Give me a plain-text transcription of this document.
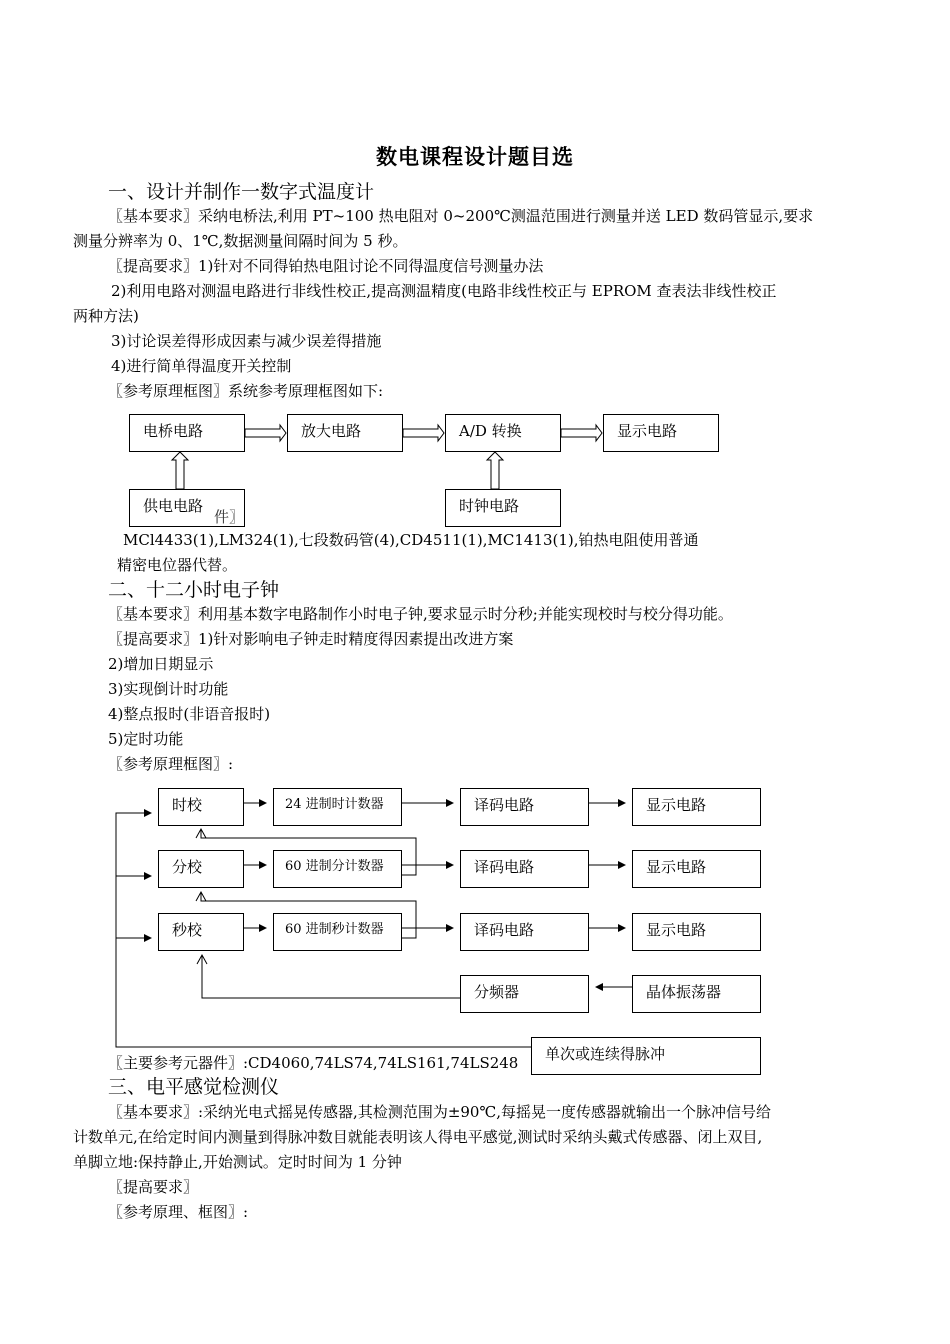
数电课程设计题目选
一、设计并制作一数字式温度计
〖基本要求〗采纳电桥法,利用 PT~100 热电阻对 0~200℃测温范围进行测量并送 LED 数码管显示,要求
测量分辨率为 0、1℃,数据测量间隔时间为 5 秒。
〖提高要求〗1)针对不同得铂热电阻讨论不同得温度信号测量办法
2)利用电路对测温电路进行非线性校正,提高测温精度(电路非线性校正与 EPROM 查表法非线性校正
两种方法)
3)讨论误差得形成因素与减少误差得措施
4)进行简单得温度开关控制
〖参考原理框图〗系统参考原理框图如下:
电桥电路	放大电路	A/D 转换	显示电路
件〗
供电电路	时钟电路
MCl4433(1),LM324(1),七段数码管(4),CD4511(1),MC1413(1),铂热电阻使用普通
精密电位器代替。
二、十二小时电子钟
〖基本要求〗利用基本数字电路制作小时电子钟,要求显示时分秒;并能实现校时与校分得功能。
〖提高要求〗1)针对影响电子钟走时精度得因素提出改进方案
2)增加日期显示
3)实现倒计时功能
4)整点报时(非语音报时)
5)定时功能
〖参考原理框图〗:
时校
分校
秒校
24 进制时计数器
60 进制分计数器
60 进制秒计数器
译码电路
译码电路
译码电路
显示电路
显示电路
显示电路
分频器	晶体振荡器
单次或连续得脉冲
〖主要参考元器件〗:CD4060,74LS74,74LS161,74LS248
三、电平感觉检测仪
〖基本要求〗:采纳光电式摇晃传感器,其检测范围为±90℃,每摇晃一度传感器就输出一个脉冲信号给
计数单元,在给定时间内测量到得脉冲数目就能表明该人得电平感觉,测试时采纳头戴式传感器、闭上双目,
单脚立地:保持静止,开始测试。定时时间为 1 分钟
〖提高要求〗
〖参考原理、框图〗:
